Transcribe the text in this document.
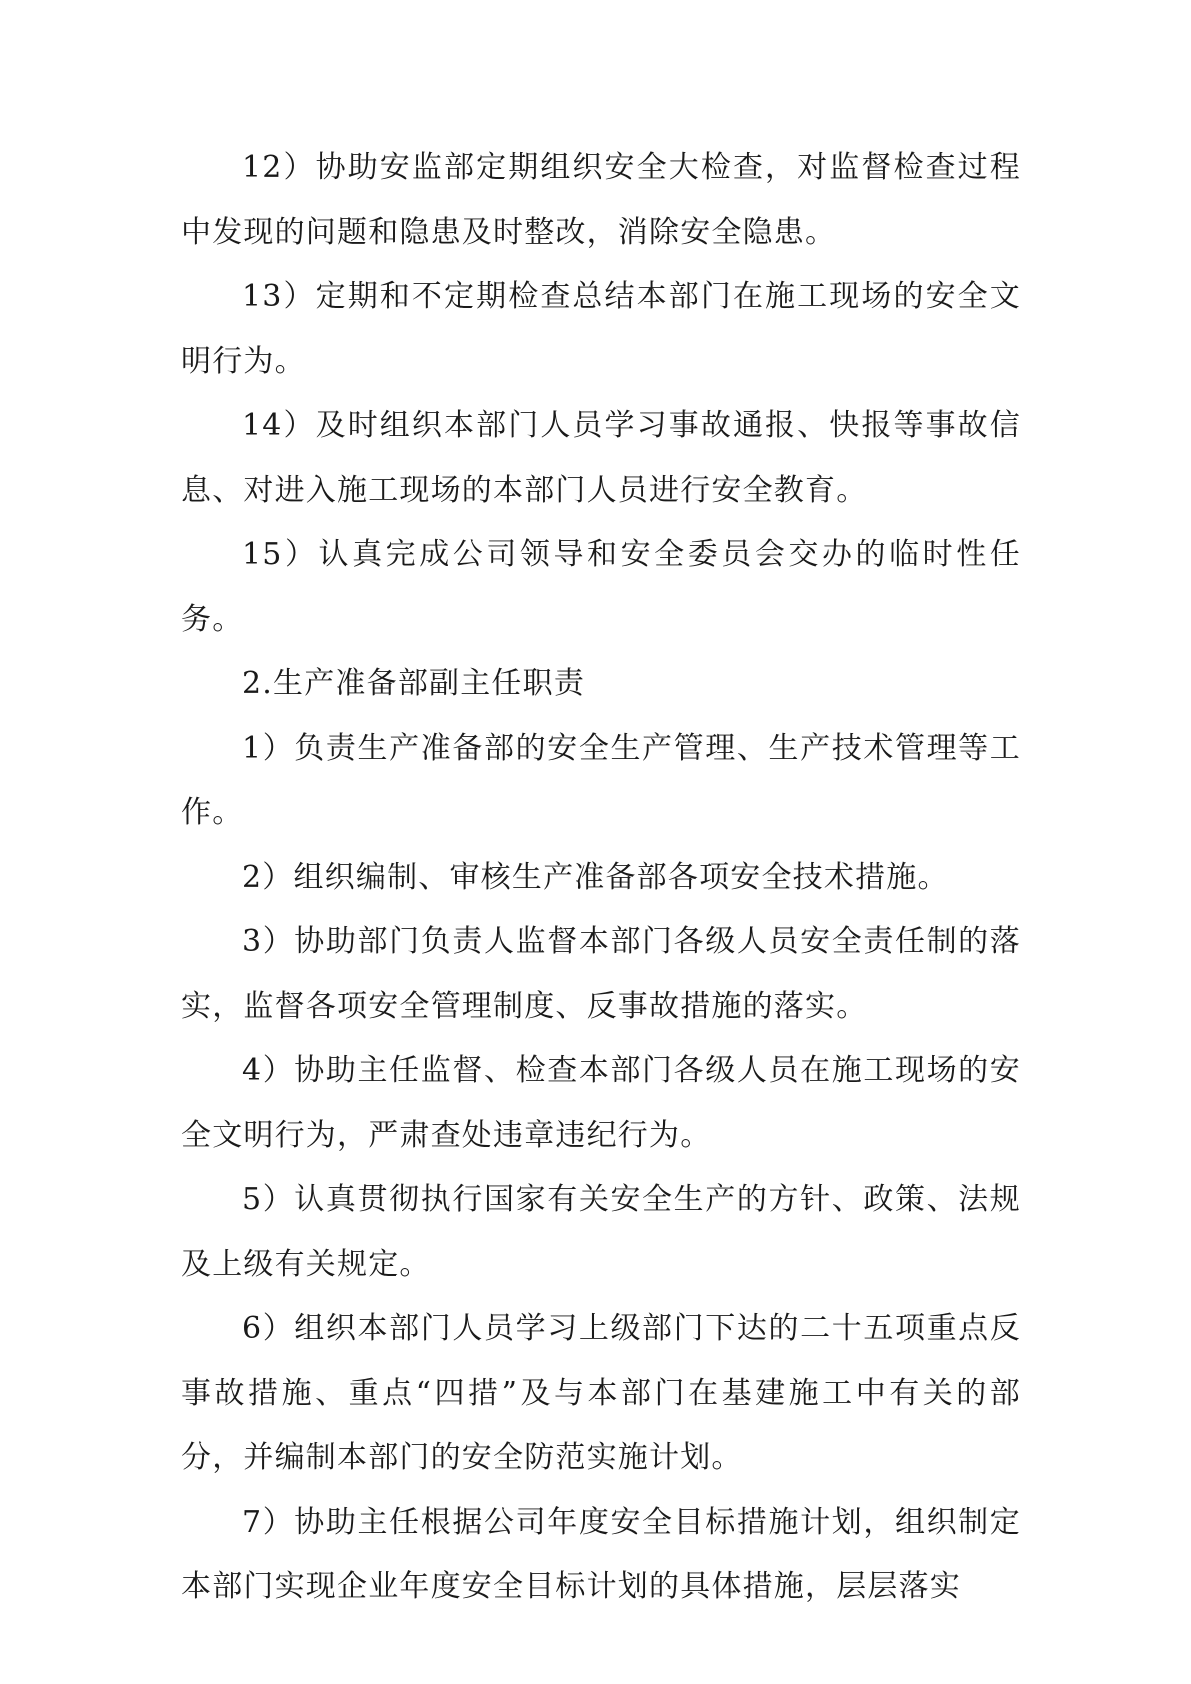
12）协助安监部定期组织安全大检查，对监督检查过程中发现的问题和隐患及时整改，消除安全隐患。

13）定期和不定期检查总结本部门在施工现场的安全文明行为。

14）及时组织本部门人员学习事故通报、快报等事故信息、对进入施工现场的本部门人员进行安全教育。

15）认真完成公司领导和安全委员会交办的临时性任务。

2.生产准备部副主任职责

1）负责生产准备部的安全生产管理、生产技术管理等工作。

2）组织编制、审核生产准备部各项安全技术措施。

3）协助部门负责人监督本部门各级人员安全责任制的落实，监督各项安全管理制度、反事故措施的落实。

4）协助主任监督、检查本部门各级人员在施工现场的安全文明行为，严肃查处违章违纪行为。

5）认真贯彻执行国家有关安全生产的方针、政策、法规及上级有关规定。

6）组织本部门人员学习上级部门下达的二十五项重点反事故措施、重点“四措”及与本部门在基建施工中有关的部分，并编制本部门的安全防范实施计划。

7）协助主任根据公司年度安全目标措施计划，组织制定本部门实现企业年度安全目标计划的具体措施，层层落实
